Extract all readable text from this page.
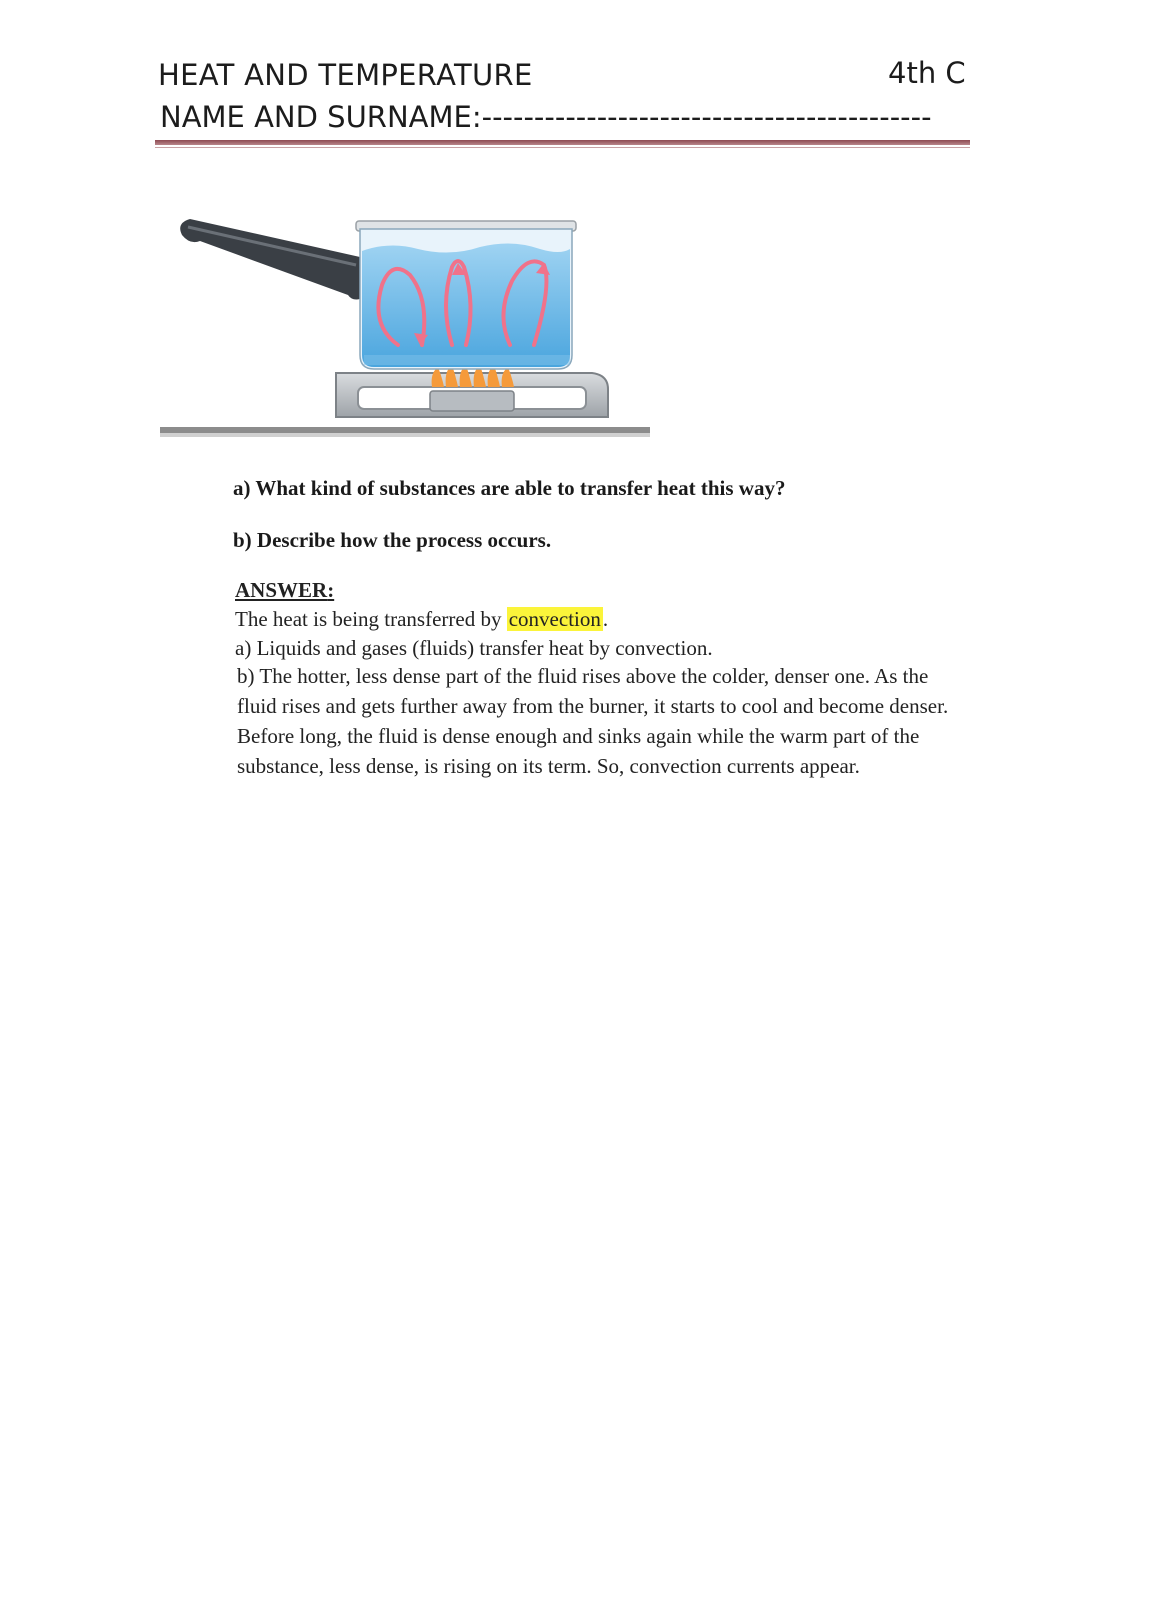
HEAT AND TEMPERATURE	4th C
NAME AND SURNAME:-------------------------------------------
a) What kind of substances are able to transfer heat this way?
b) Describe how the process occurs.
ANSWER:
The heat is being transferred by convection.
a) Liquids and gases (fluids) transfer heat by convection.
b) The hotter, less dense part of the fluid rises above the colder, denser one. As the fluid rises and gets further away from the burner, it starts to cool and become denser. Before long, the fluid is dense enough and sinks again while the warm part of the substance, less dense, is rising on its term. So, convection currents appear.
